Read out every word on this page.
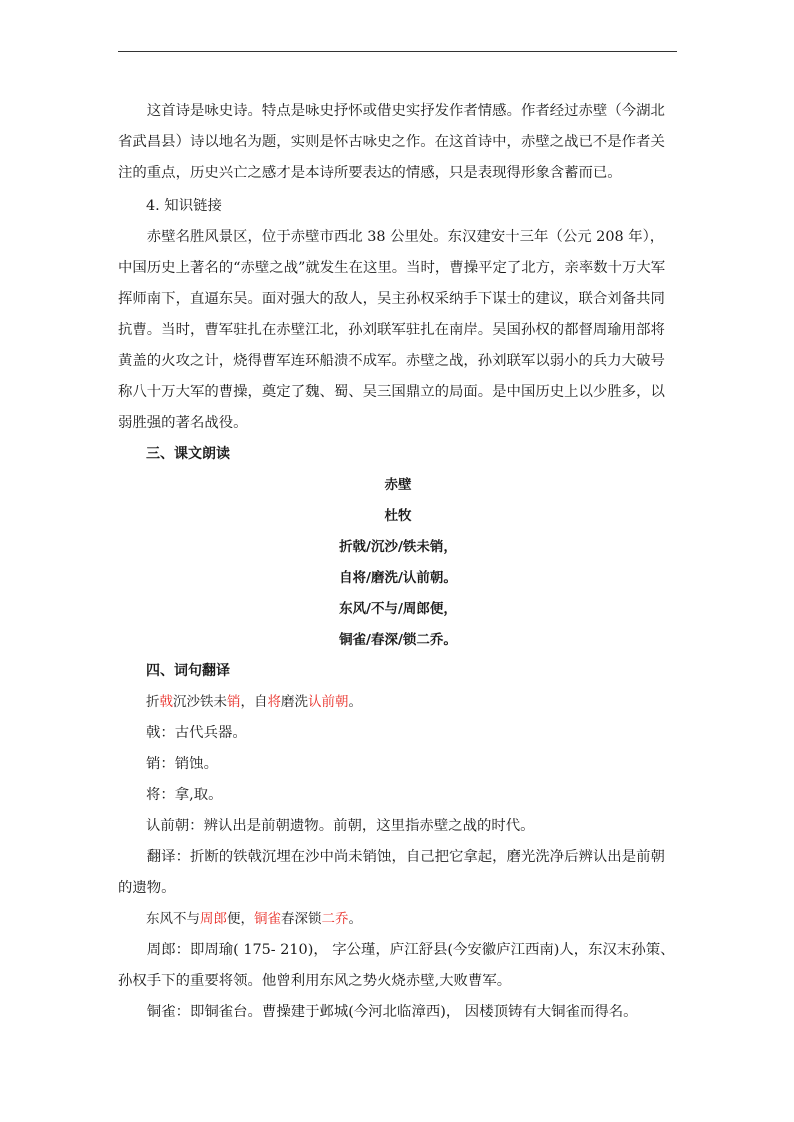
这首诗是咏史诗。特点是咏史抒怀或借史实抒发作者情感。作者经过赤壁（今湖北省武昌县）诗以地名为题，实则是怀古咏史之作。在这首诗中，赤壁之战已不是作者关注的重点，历史兴亡之感才是本诗所要表达的情感，只是表现得形象含蓄而已。

4. 知识链接

赤壁名胜风景区，位于赤壁市西北 38 公里处。东汉建安十三年（公元 208 年），中国历史上著名的“赤壁之战”就发生在这里。当时，曹操平定了北方，亲率数十万大军挥师南下，直逼东吴。面对强大的敌人，吴主孙权采纳手下谋士的建议，联合刘备共同抗曹。当时，曹军驻扎在赤壁江北，孙刘联军驻扎在南岸。吴国孙权的都督周瑜用部将黄盖的火攻之计，烧得曹军连环船溃不成军。赤壁之战，孙刘联军以弱小的兵力大破号称八十万大军的曹操，奠定了魏、蜀、吴三国鼎立的局面。是中国历史上以少胜多，以弱胜强的著名战役。

三、课文朗读

赤壁

杜牧

折戟/沉沙/铁未销，

自将/磨洗/认前朝。

东风/不与/周郎便，

铜雀/春深/锁二乔。

四、词句翻译

折戟沉沙铁未销，自将磨洗认前朝。

戟：古代兵器。

销：销蚀。

将：拿,取。

认前朝：辨认出是前朝遗物。前朝，这里指赤壁之战的时代。

翻译：折断的铁戟沉埋在沙中尚未销蚀，自己把它拿起，磨光洗净后辨认出是前朝的遗物。

东风不与周郎便，铜雀春深锁二乔。

周郎：即周瑜( 175- 210)， 字公瑾，庐江舒县(今安徽庐江西南)人，东汉末孙策、孙权手下的重要将领。他曾利用东风之势火烧赤壁,大败曹军。

铜雀：即铜雀台。曹操建于邺城(今河北临漳西)， 因楼顶铸有大铜雀而得名。
